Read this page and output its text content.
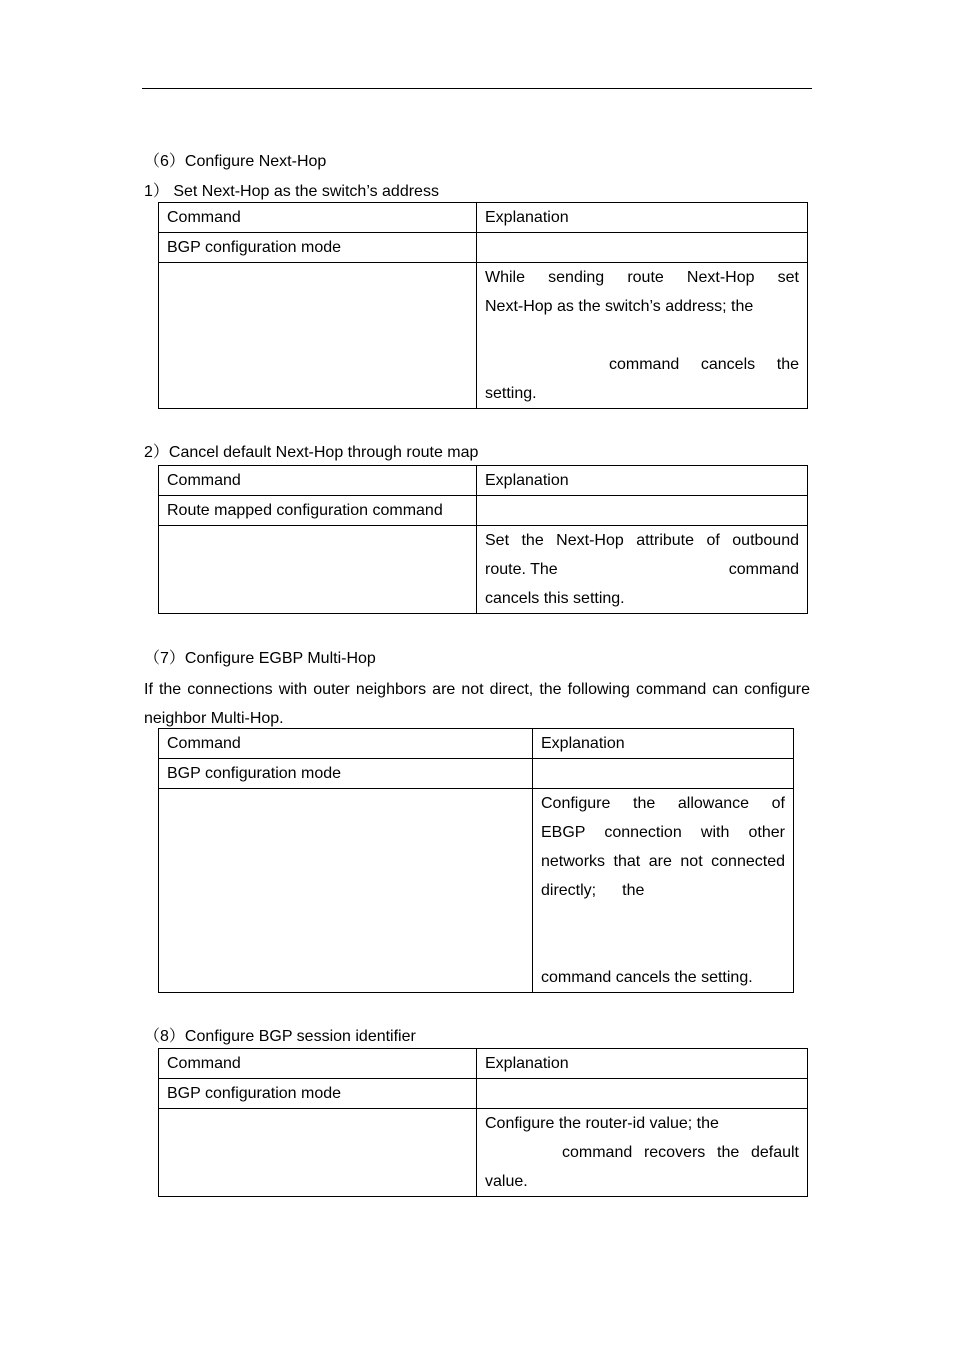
（6）Configure Next-Hop
1） Set Next-Hop as the switch’s address
Command	Explanation
BGP configuration mode	

	While sending route Next-Hop set
Next-Hop as the switch’s address; the
command cancels the
setting.
2）Cancel default Next-Hop through route map
Command	Explanation
Route mapped configuration command	

	Set the Next-Hop attribute of outbound
route. The command
cancels this setting.
（7）Configure EGBP Multi-Hop
If the connections with outer neighbors are not direct, the following command can configure neighbor Multi-Hop.
Command	Explanation
BGP configuration mode	

	Configure the allowance of
EBGP connection with other
networks that are not connected
directly; the
command cancels the setting.
（8）Configure BGP session identifier
Command	Explanation
BGP configuration mode	

	Configure the router-id value; the
command recovers the default
value.
